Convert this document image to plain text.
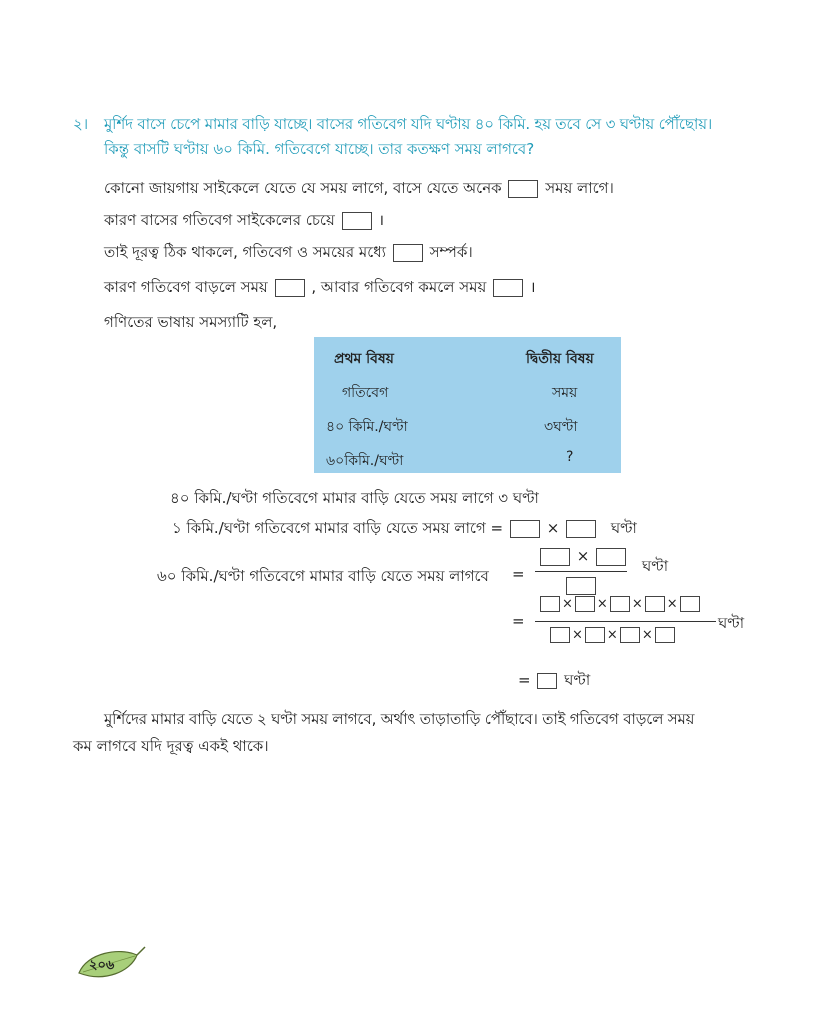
২। মুর্শিদ বাসে চেপে মামার বাড়ি যাচ্ছে। বাসের গতিবেগ যদি ঘণ্টায় ৪০ কিমি. হয় তবে সে ৩ ঘণ্টায় পৌঁছোয়।
কিন্তু বাসটি ঘণ্টায় ৬০ কিমি. গতিবেগে যাচ্ছে। তার কতক্ষণ সময় লাগবে?
কোনো জায়গায় সাইকেলে যেতে যে সময় লাগে, বাসে যেতে অনেক	সময় লাগে।
কারণ বাসের গতিবেগ সাইকেলের চেয়ে	।
তাই দূরত্ব ঠিক থাকলে, গতিবেগ ও সময়ের মধ্যে	সম্পর্ক।
কারণ গতিবেগ বাড়লে সময়	, আবার গতিবেগ কমলে সময়	।
গণিতের ভাষায় সমস্যাটি হল,
প্রথম বিষয়	দ্বিতীয় বিষয়
গতিবেগ	সময়
৪০ কিমি./ঘণ্টা	৩ঘণ্টা
৬০কিমি./ঘণ্টা	?
৪০ কিমি./ঘণ্টা গতিবেগে মামার বাড়ি যেতে সময় লাগে ৩ ঘণ্টা
১ কিমি./ঘণ্টা গতিবেগে মামার বাড়ি যেতে সময় লাগে =	×	ঘণ্টা
৬০ কিমি./ঘণ্টা গতিবেগে মামার বাড়ি যেতে সময় লাগবে =
×
ঘণ্টা
=
× × × ×
ঘণ্টা
× × ×
= ঘণ্টা
মুর্শিদের মামার বাড়ি যেতে ২ ঘণ্টা সময় লাগবে, অর্থাৎ তাড়াতাড়ি পৌঁছাবে। তাই গতিবেগ বাড়লে সময়
কম লাগবে যদি দূরত্ব একই থাকে।
২০৬
